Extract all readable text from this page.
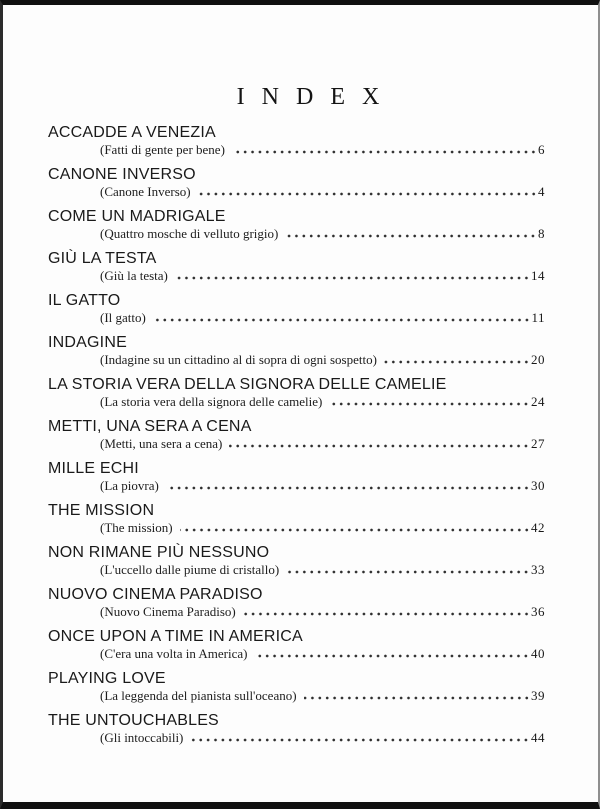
INDEX
ACCADDE A VENEZIA
(Fatti di gente per bene)	6
CANONE INVERSO
(Canone Inverso)	4
COME UN MADRIGALE
(Quattro mosche di velluto grigio)	8
GIÙ LA TESTA
(Giù la testa)	14
IL GATTO
(Il gatto)	11
INDAGINE
(Indagine su un cittadino al di sopra di ogni sospetto)	20
LA STORIA VERA DELLA SIGNORA DELLE CAMELIE
(La storia vera della signora delle camelie)	24
METTI, UNA SERA A CENA
(Metti, una sera a cena)	27
MILLE ECHI
(La piovra)	30
THE MISSION
(The mission)	42
NON RIMANE PIÙ NESSUNO
(L'uccello dalle piume di cristallo)	33
NUOVO CINEMA PARADISO
(Nuovo Cinema Paradiso)	36
ONCE UPON A TIME IN AMERICA
(C'era una volta in America)	40
PLAYING LOVE
(La leggenda del pianista sull'oceano)	39
THE UNTOUCHABLES
(Gli intoccabili)	44
